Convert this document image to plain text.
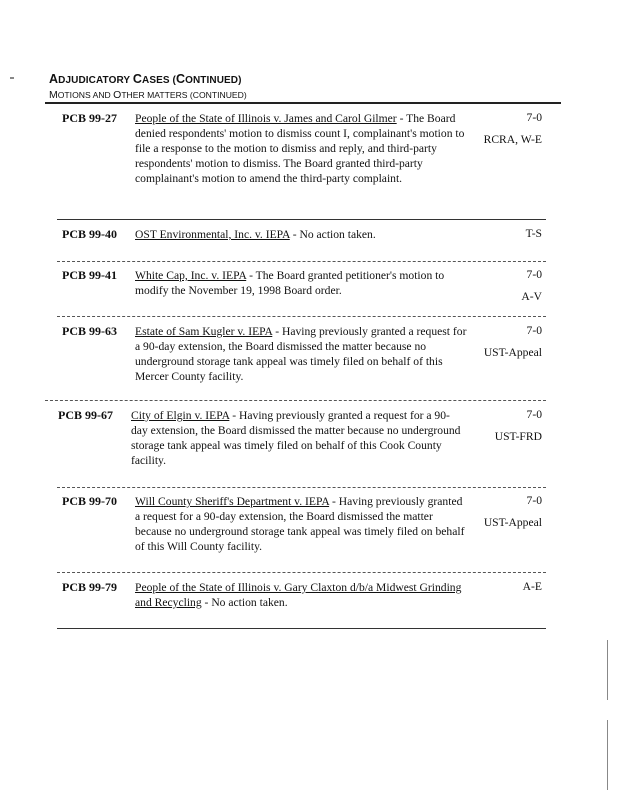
ADJUDICATORY CASES (CONTINUED)
MOTIONS AND OTHER MATTERS (CONTINUED)
PCB 99-27 People of the State of Illinois v. James and Carol Gilmer - The Board denied respondents' motion to dismiss count I, complainant's motion to file a response to the motion to dismiss and reply, and third-party respondents' motion to dismiss. The Board granted third-party complainant's motion to amend the third-party complaint.
7-0
RCRA, W-E
PCB 99-40 OST Environmental, Inc. v. IEPA - No action taken.	T-S
PCB 99-41 White Cap, Inc. v. IEPA - The Board granted petitioner's motion to modify the November 19, 1998 Board order.
7-0
A-V
PCB 99-63 Estate of Sam Kugler v. IEPA - Having previously granted a request for a 90-day extension, the Board dismissed the matter because no underground storage tank appeal was timely filed on behalf of this Mercer County facility.
7-0
UST-Appeal
PCB 99-67 City of Elgin v. IEPA - Having previously granted a request for a 90-day extension, the Board dismissed the matter because no underground storage tank appeal was timely filed on behalf of this Cook County facility.
7-0
UST-FRD
PCB 99-70 Will County Sheriff's Department v. IEPA - Having previously granted a request for a 90-day extension, the Board dismissed the matter because no underground storage tank appeal was timely filed on behalf of this Will County facility.
7-0
UST-Appeal
PCB 99-79 People of the State of Illinois v. Gary Claxton d/b/a Midwest Grinding and Recycling - No action taken.
A-E
